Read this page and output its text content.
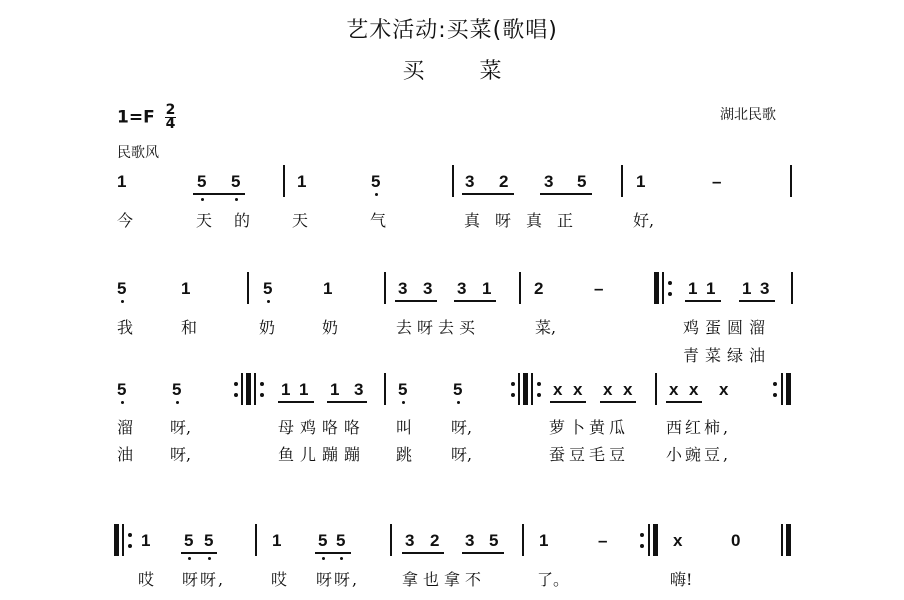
艺术活动:买菜(歌唱)
买 菜
$1=F \frac{2}{4}$	湖北民歌
民歌风
1	5 5	1	5	3 2 3 5	1	–
今	天的 天	气	真呀真正	好,
5	1	5	1	3 3 3 1	2	–	1 1 1 3
我	和	奶	奶	去呀去买	菜,	鸡蛋圆溜
青菜绿油
5	5	1 1 1 3 5	5	x x x x x x x
溜 呀,	母鸡咯咯 叫 呀,	萝卜黄瓜 西红柿,
油 呀,	鱼儿蹦蹦 跳 呀,	蚕豆毛豆 小豌豆,
1 5 5	1 5 5	3 2 3 5 1	–	x	0
哎 呀呀,	哎 呀呀,	拿也拿不	了。	嗨!
